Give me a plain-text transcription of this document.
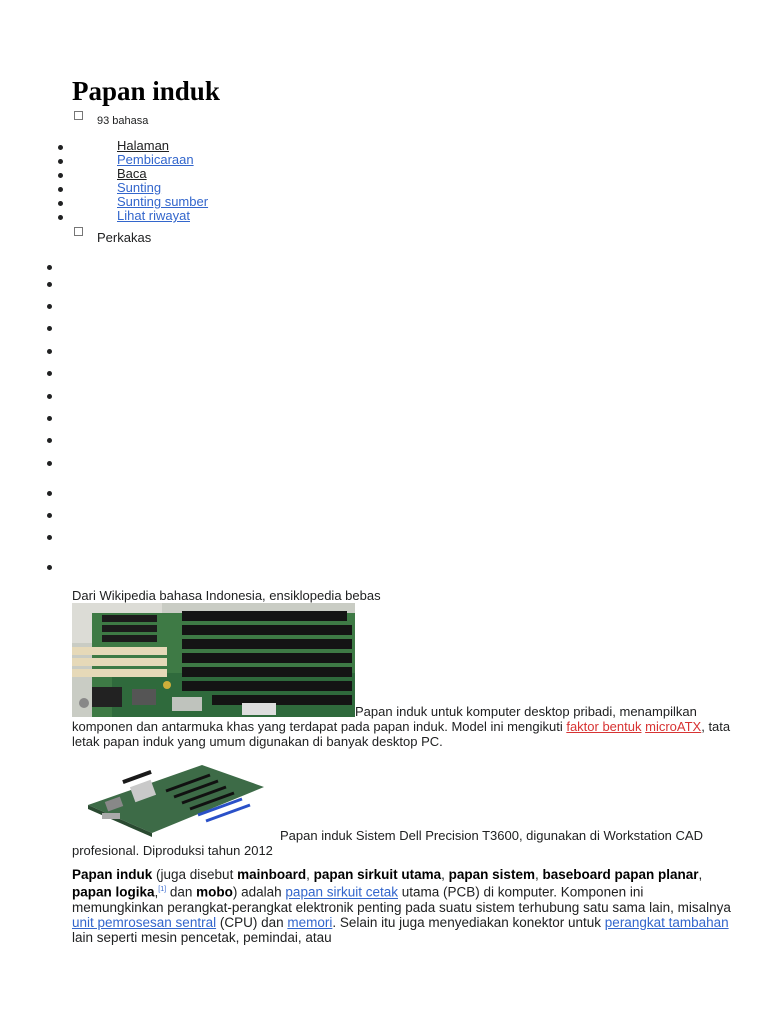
Papan induk
93 bahasa
Halaman
Pembicaraan
Baca
Sunting
Sunting sumber
Lihat riwayat
Perkakas
Dari Wikipedia bahasa Indonesia, ensiklopedia bebas
Papan induk untuk komputer desktop pribadi, menampilkan komponen dan antarmuka khas yang terdapat pada papan induk. Model ini mengikuti faktor bentuk microATX, tata letak papan induk yang umum digunakan di banyak desktop PC.
Papan induk Sistem Dell Precision T3600, digunakan di Workstation CAD profesional. Diproduksi tahun 2012
Papan induk (juga disebut mainboard, papan sirkuit utama, papan sistem, baseboard papan planar, papan logika,[1] dan mobo) adalah papan sirkuit cetak utama (PCB) di komputer. Komponen ini memungkinkan perangkat-perangkat elektronik penting pada suatu sistem terhubung satu sama lain, misalnya unit pemrosesan sentral (CPU) dan memori. Selain itu juga menyediakan konektor untuk perangkat tambahan lain seperti mesin pencetak, pemindai, atau
